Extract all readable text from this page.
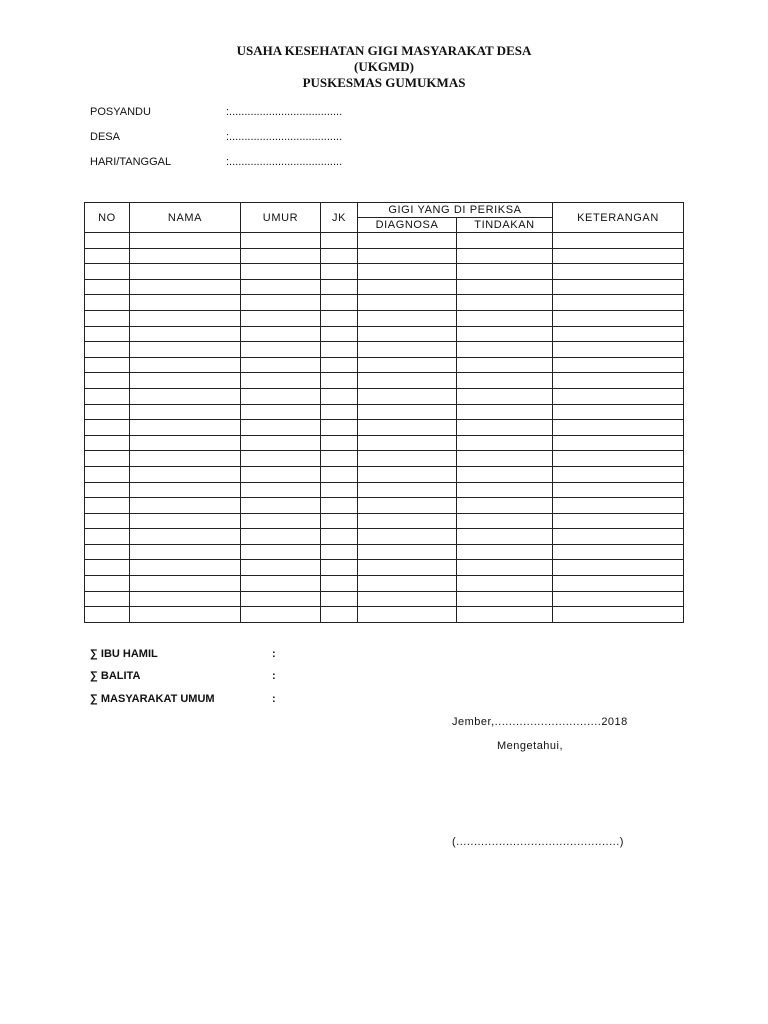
USAHA KESEHATAN GIGI MASYARAKAT DESA
(UKGMD)
PUSKESMAS GUMUKMAS
POSYANDU	:.....................................
DESA	:.....................................
HARI/TANGGAL	:.....................................
NO	NAMA	UMUR	JK	GIGI YANG DI PERIKSA		KETERANGAN
				DIAGNOSA	TINDAKAN	

∑ IBU HAMIL	:
∑ BALITA	:
∑ MASYARAKAT UMUM	:
Jember,..............................2018
Mengetahui,
(..............................................)
